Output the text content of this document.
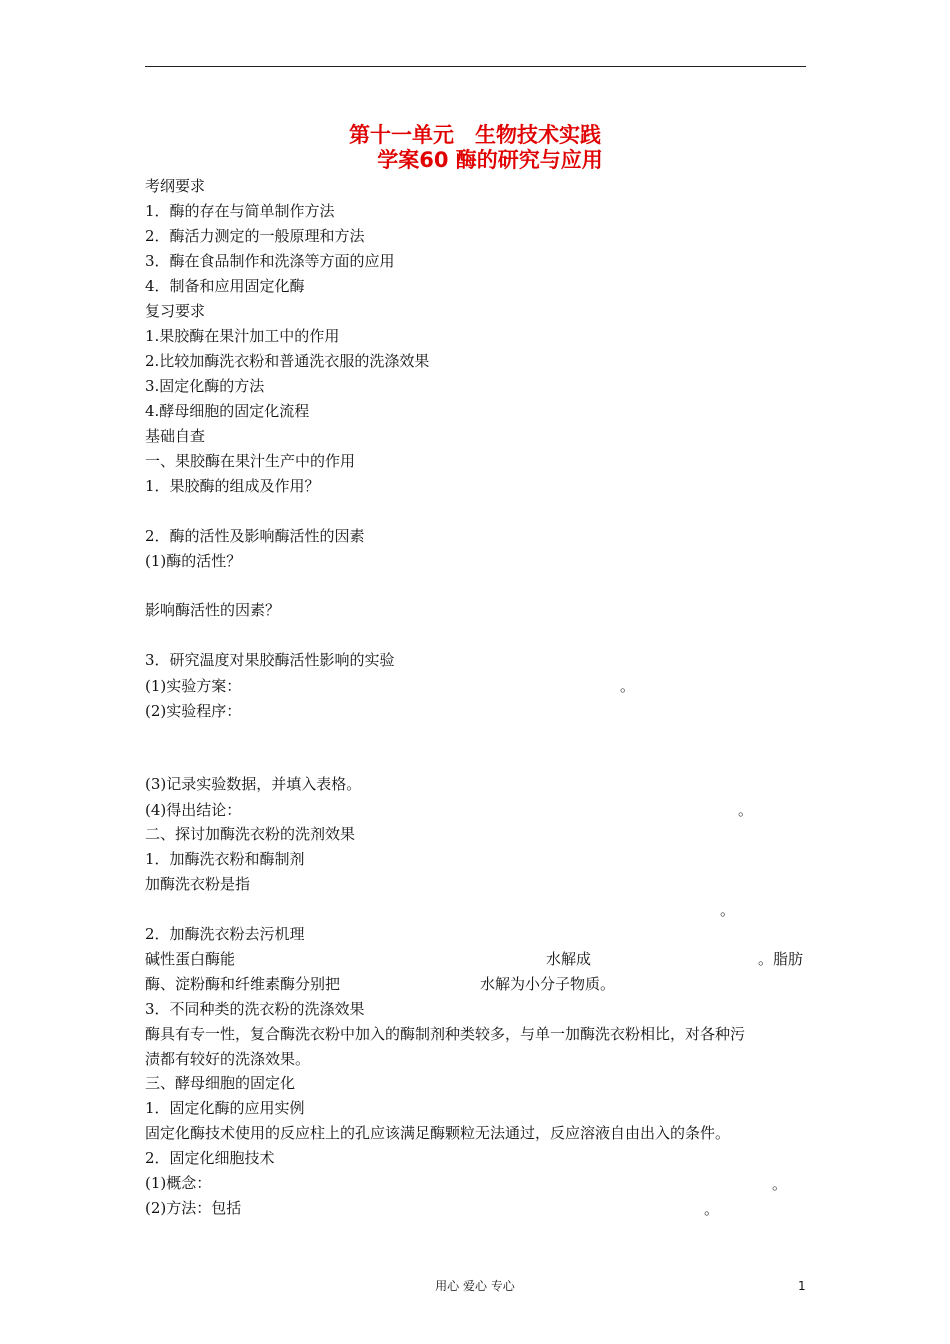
第十一单元　生物技术实践
学案60 酶的研究与应用
考纲要求
1．酶的存在与简单制作方法
2．酶活力测定的一般原理和方法
3．酶在食品制作和洗涤等方面的应用
4．制备和应用固定化酶
复习要求
1.果胶酶在果汁加工中的作用
2.比较加酶洗衣粉和普通洗衣服的洗涤效果
3.固定化酶的方法
4.酵母细胞的固定化流程
基础自查
一、果胶酶在果汁生产中的作用
1．果胶酶的组成及作用？
2．酶的活性及影响酶活性的因素
(1)酶的活性？
影响酶活性的因素？
3．研究温度对果胶酶活性影响的实验
(1)实验方案：	。
(2)实验程序：
(3)记录实验数据，并填入表格。
(4)得出结论：	。
二、探讨加酶洗衣粉的洗剂效果
1．加酶洗衣粉和酶制剂
加酶洗衣粉是指
。
2．加酶洗衣粉去污机理
碱性蛋白酶能	水解成	。脂肪
酶、淀粉酶和纤维素酶分别把	水解为小分子物质。
3．不同种类的洗衣粉的洗涤效果
酶具有专一性，复合酶洗衣粉中加入的酶制剂种类较多，与单一加酶洗衣粉相比，对各种污
渍都有较好的洗涤效果。
三、酵母细胞的固定化
1．固定化酶的应用实例
固定化酶技术使用的反应柱上的孔应该满足酶颗粒无法通过，反应溶液自由出入的条件。
2．固定化细胞技术
(1)概念：	。
(2)方法：包括	。
用心 爱心 专心	1
